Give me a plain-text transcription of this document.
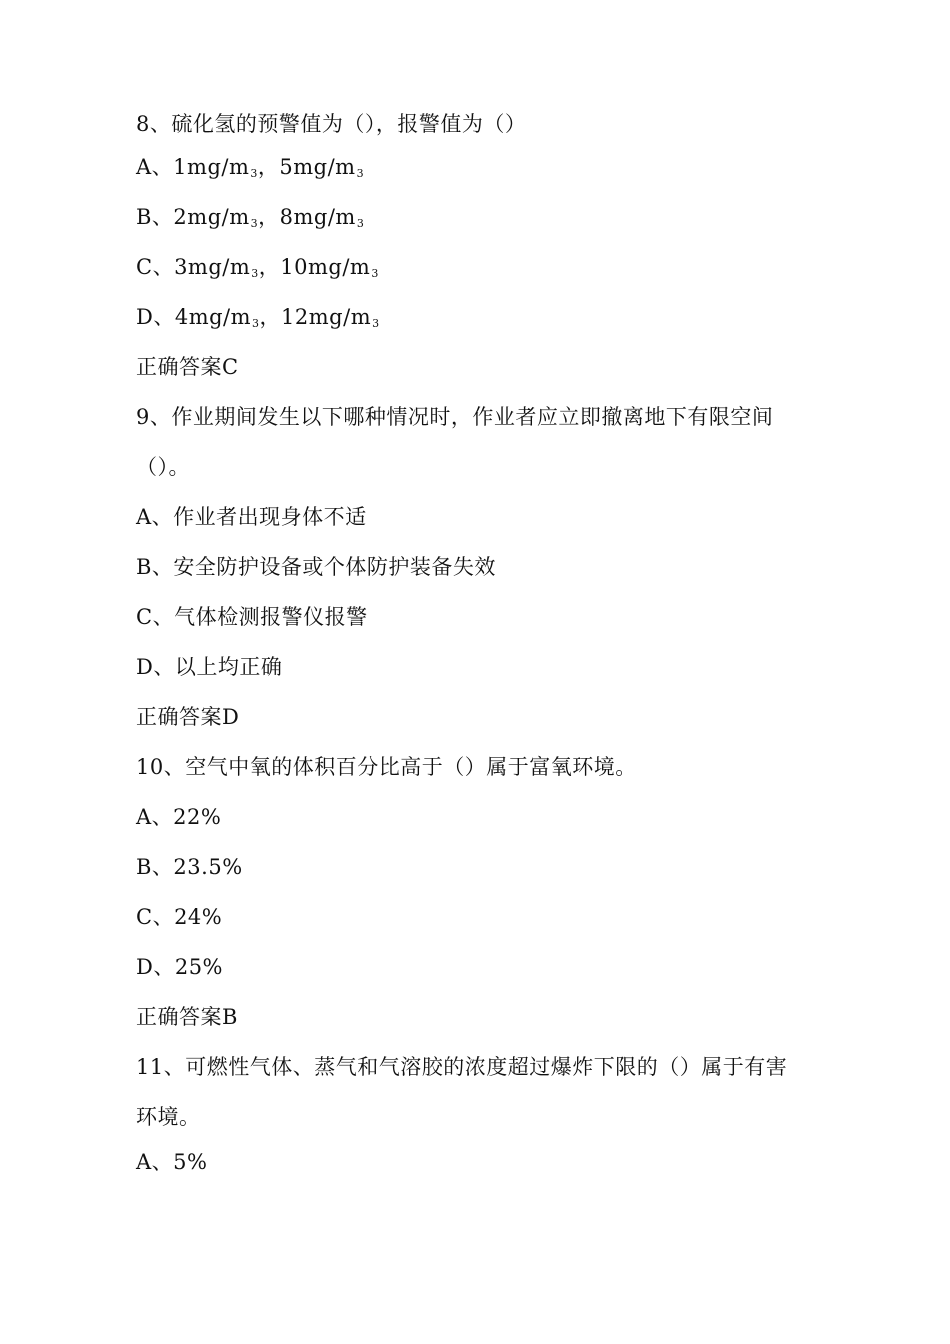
8、硫化氢的预警值为（），报警值为（）
A、$1mg/m_3$，$5mg/m_3$
B、$2mg/m_3$，$8mg/m_3$
C、$3mg/m_3$，$10mg/m_3$
D、$4mg/m_3$，$12mg/m_3$
正确答案C
9、作业期间发生以下哪种情况时，作业者应立即撤离地下有限空间
（）。
A、作业者出现身体不适
B、安全防护设备或个体防护装备失效
C、气体检测报警仪报警
D、以上均正确
正确答案D
10、空气中氧的体积百分比高于（）属于富氧环境。
A、22%
B、23.5%
C、24%
D、25%
正确答案B
11、可燃性气体、蒸气和气溶胶的浓度超过爆炸下限的（）属于有害
环境。
A、5%
